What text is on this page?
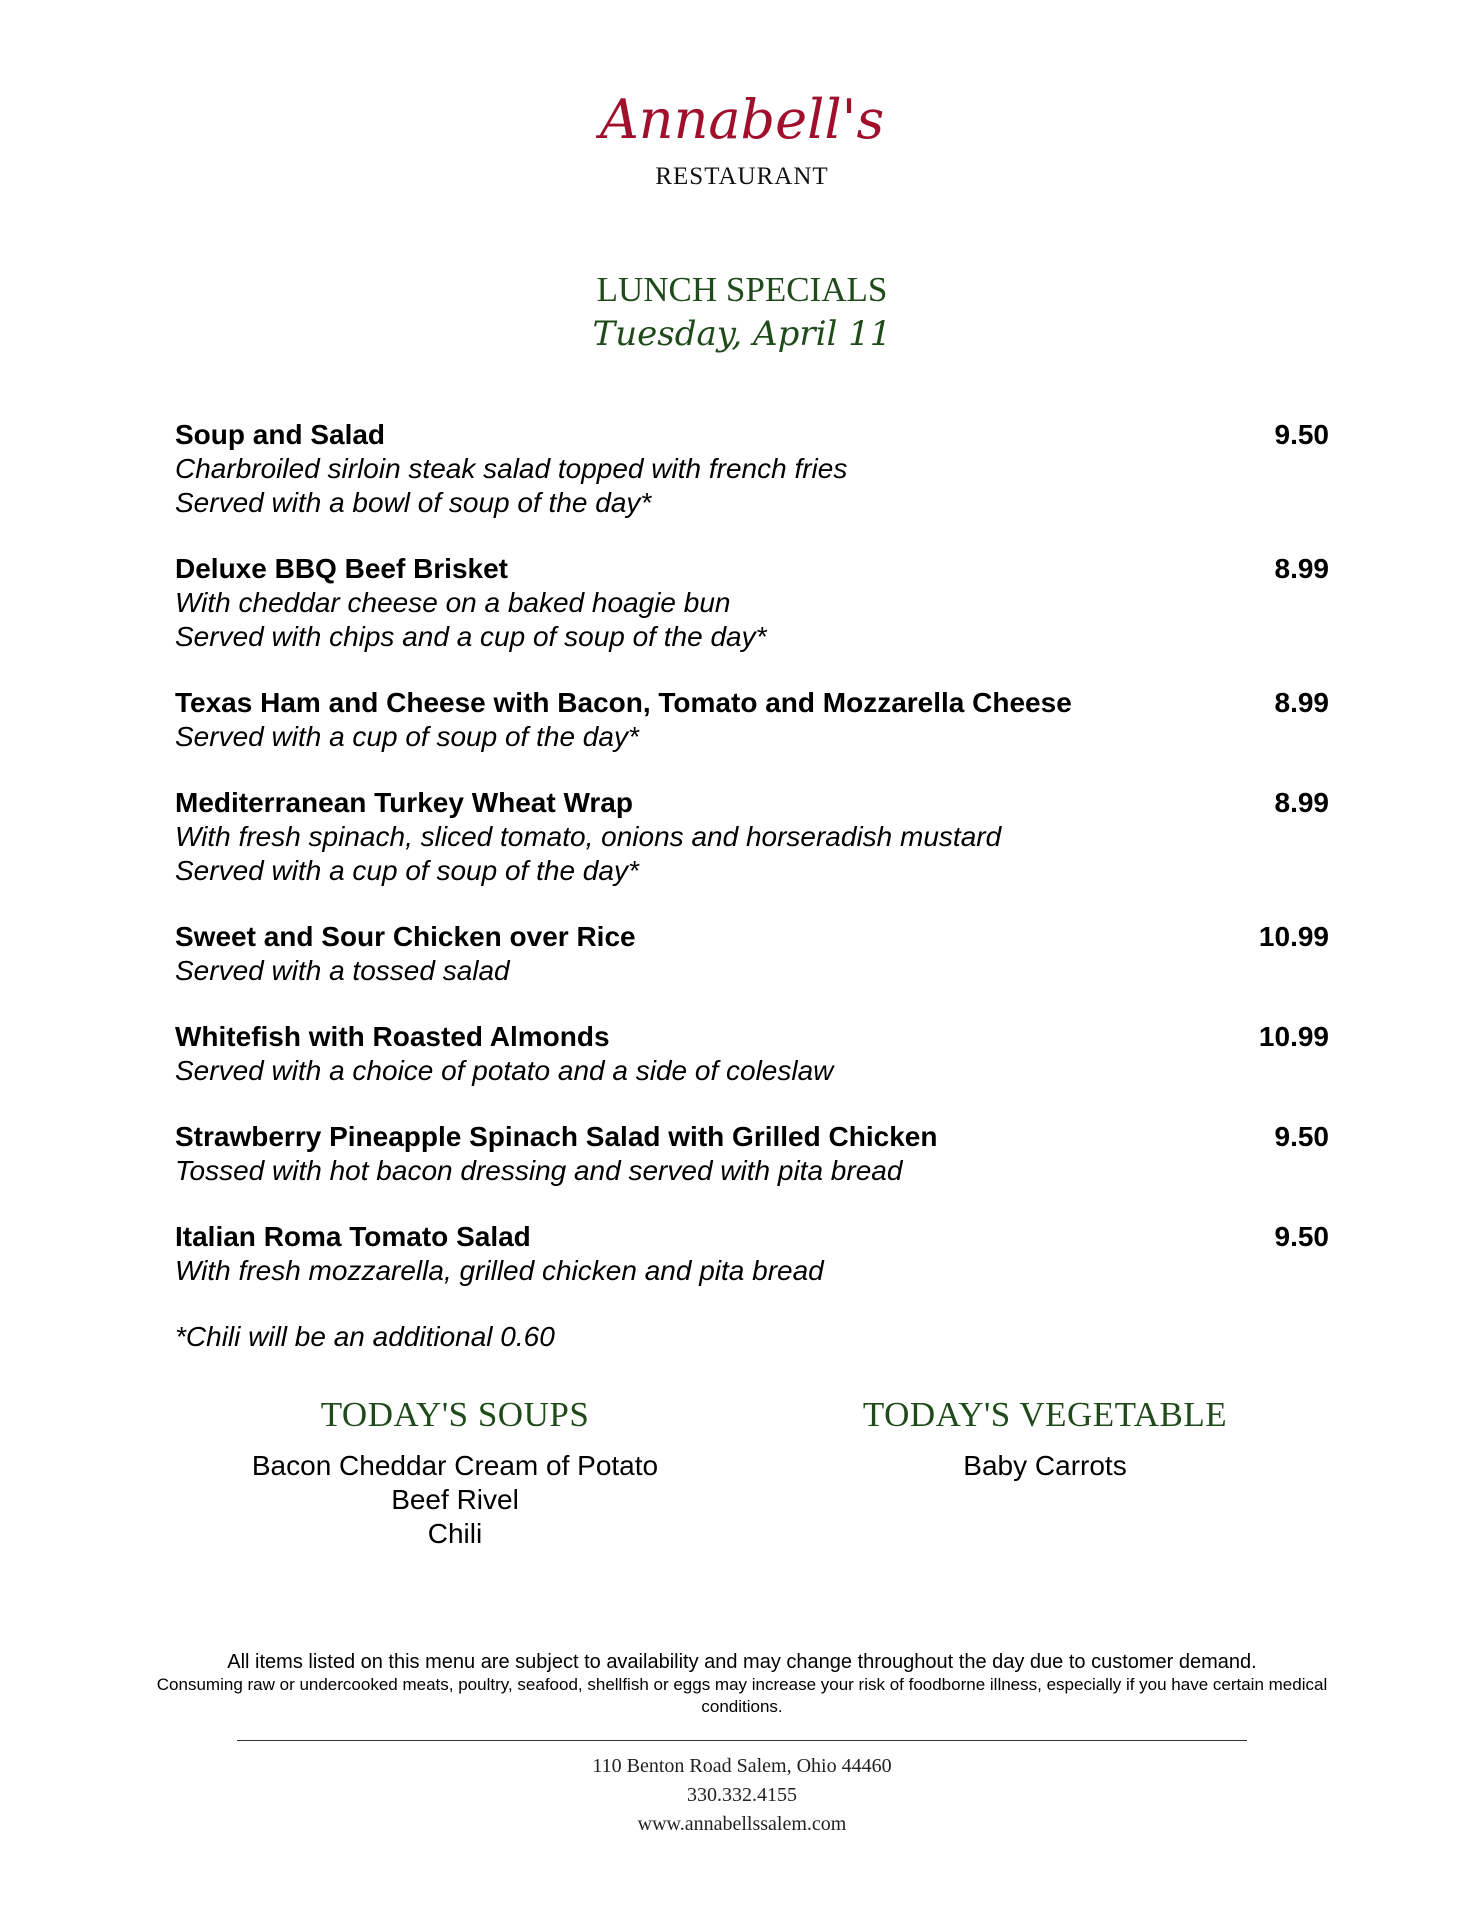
Annabell's
RESTAURANT
LUNCH SPECIALS
Tuesday, April 11
Soup and Salad	9.50
Charbroiled sirloin steak salad topped with french fries
Served with a bowl of soup of the day*
Deluxe BBQ Beef Brisket	8.99
With cheddar cheese on a baked hoagie bun
Served with chips and a cup of soup of the day*
Texas Ham and Cheese with Bacon, Tomato and Mozzarella Cheese	8.99
Served with a cup of soup of the day*
Mediterranean Turkey Wheat Wrap	8.99
With fresh spinach, sliced tomato, onions and horseradish mustard
Served with a cup of soup of the day*
Sweet and Sour Chicken over Rice	10.99
Served with a tossed salad
Whitefish with Roasted Almonds	10.99
Served with a choice of potato and a side of coleslaw
Strawberry Pineapple Spinach Salad with Grilled Chicken	9.50
Tossed with hot bacon dressing and served with pita bread
Italian Roma Tomato Salad	9.50
With fresh mozzarella, grilled chicken and pita bread
*Chili will be an additional 0.60
TODAY'S SOUPS
Bacon Cheddar Cream of Potato
Beef Rivel
Chili
TODAY'S VEGETABLE
Baby Carrots
All items listed on this menu are subject to availability and may change throughout the day due to customer demand.
Consuming raw or undercooked meats, poultry, seafood, shellfish or eggs may increase your risk of foodborne illness, especially if you have certain medical conditions.
110 Benton Road Salem, Ohio 44460
330.332.4155
www.annabellssalem.com
